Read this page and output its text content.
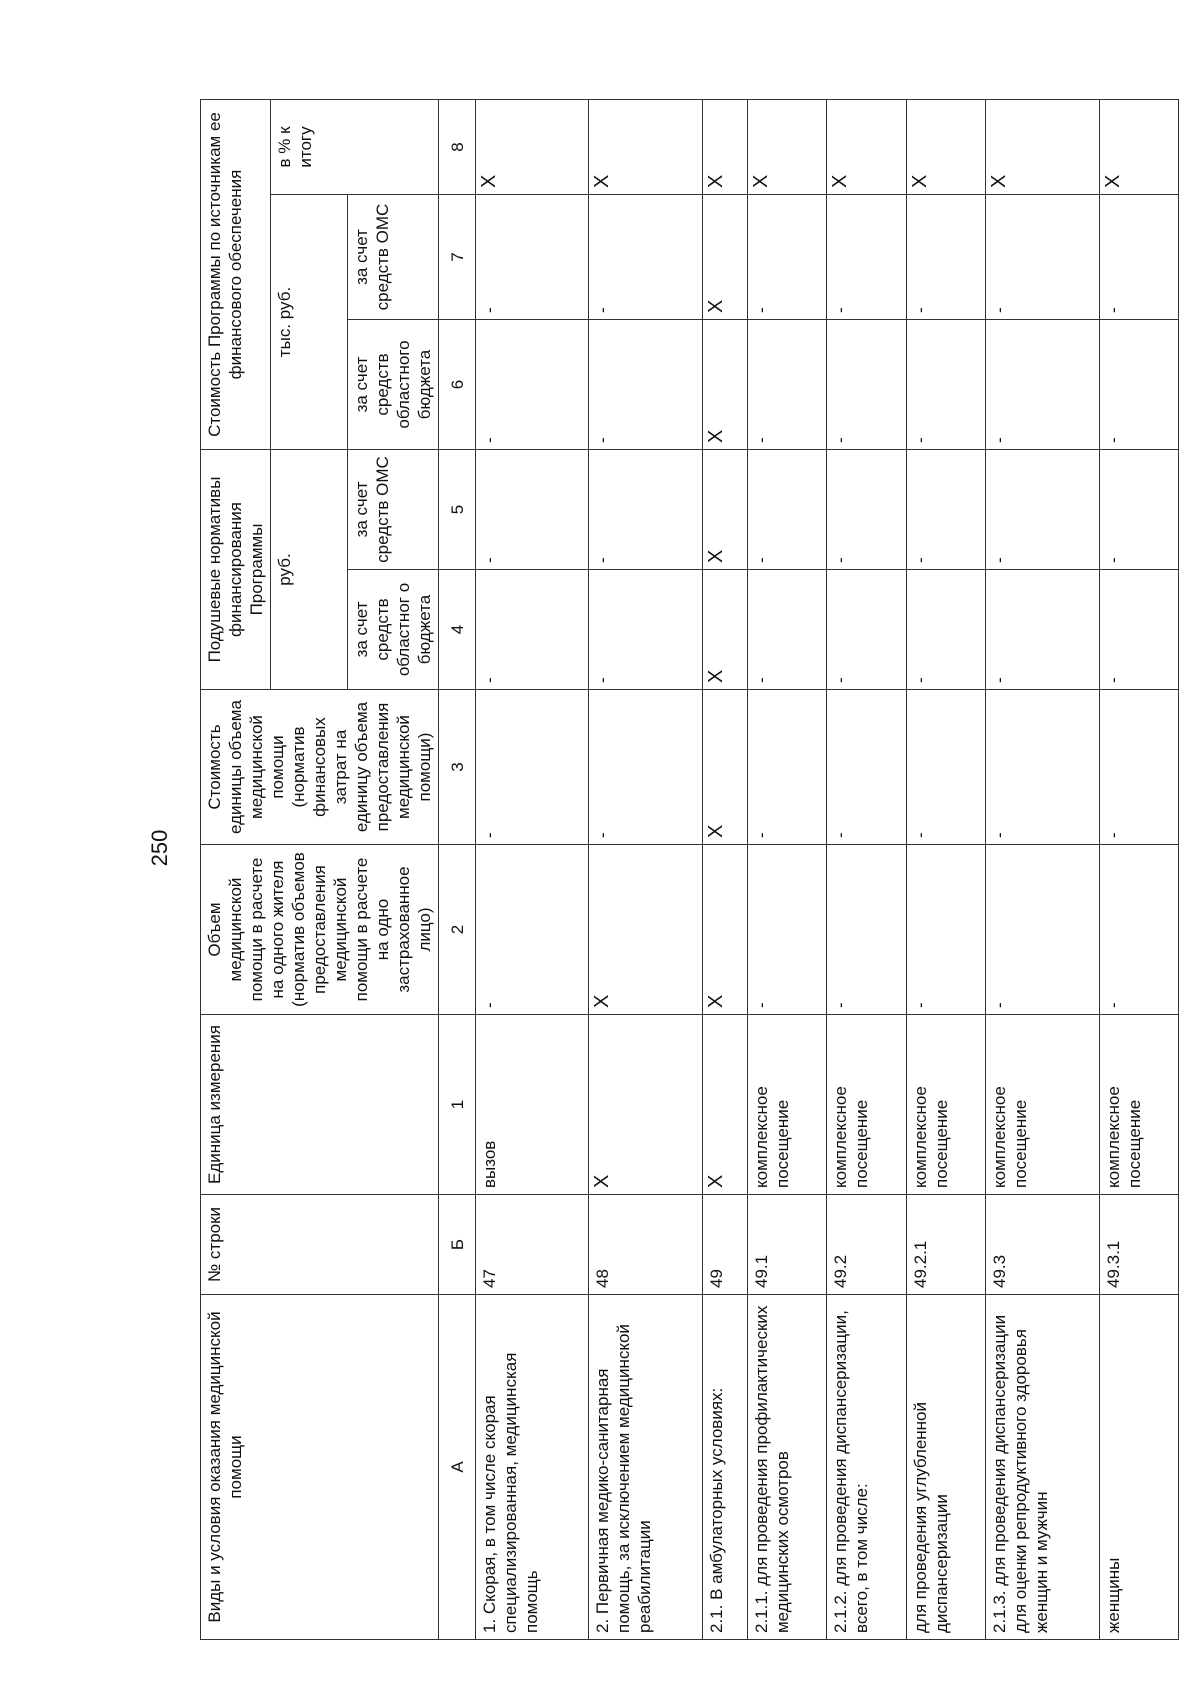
250
Виды и условия оказания медицинской помощи	№ строки	Единица измерения	Объем медицинской помощи в расчете на одного жителя (норматив объемов предоставления медицинской помощи в расчете на одно застрахованное лицо)	Стоимость единицы объема медицинской помощи (норматив финансовых затрат на единицу объема предоставления медицинской помощи)	Подушевые нормативы финансирования Программы		Стоимость Программы по источникам ее финансового обеспечения		
					руб.		тыс. руб.		в % к итогу
					за счет средств областног о бюджета	за счет средств ОМС	за счет средств областного бюджета	за счет средств ОМС	
А	Б	1	2	3	4	5	6	7	8
1. Скорая, в том числе скорая специализированная, медицинская помощь	47	вызов	-	-	-	-	-	-	X
2. Первичная медико-санитарная помощь, за исключением медицинской реабилитации	48	X	X	-	-	-	-	-	X
2.1. В амбулаторных условиях:	49	X	X	X	X	X	X	X	X
2.1.1. для проведения профилактических медицинских осмотров	49.1	комплексное посещение	-	-	-	-	-	-	X
2.1.2. для проведения диспансеризации, всего, в том числе:	49.2	комплексное посещение	-	-	-	-	-	-	X
для проведения углубленной диспансеризации	49.2.1	комплексное посещение	-	-	-	-	-	-	X
2.1.3. для проведения диспансеризации для оценки репродуктивного здоровья женщин и мужчин	49.3	комплексное посещение	-	-	-	-	-	-	X
женщины	49.3.1	комплексное посещение	-	-	-	-	-	-	X
